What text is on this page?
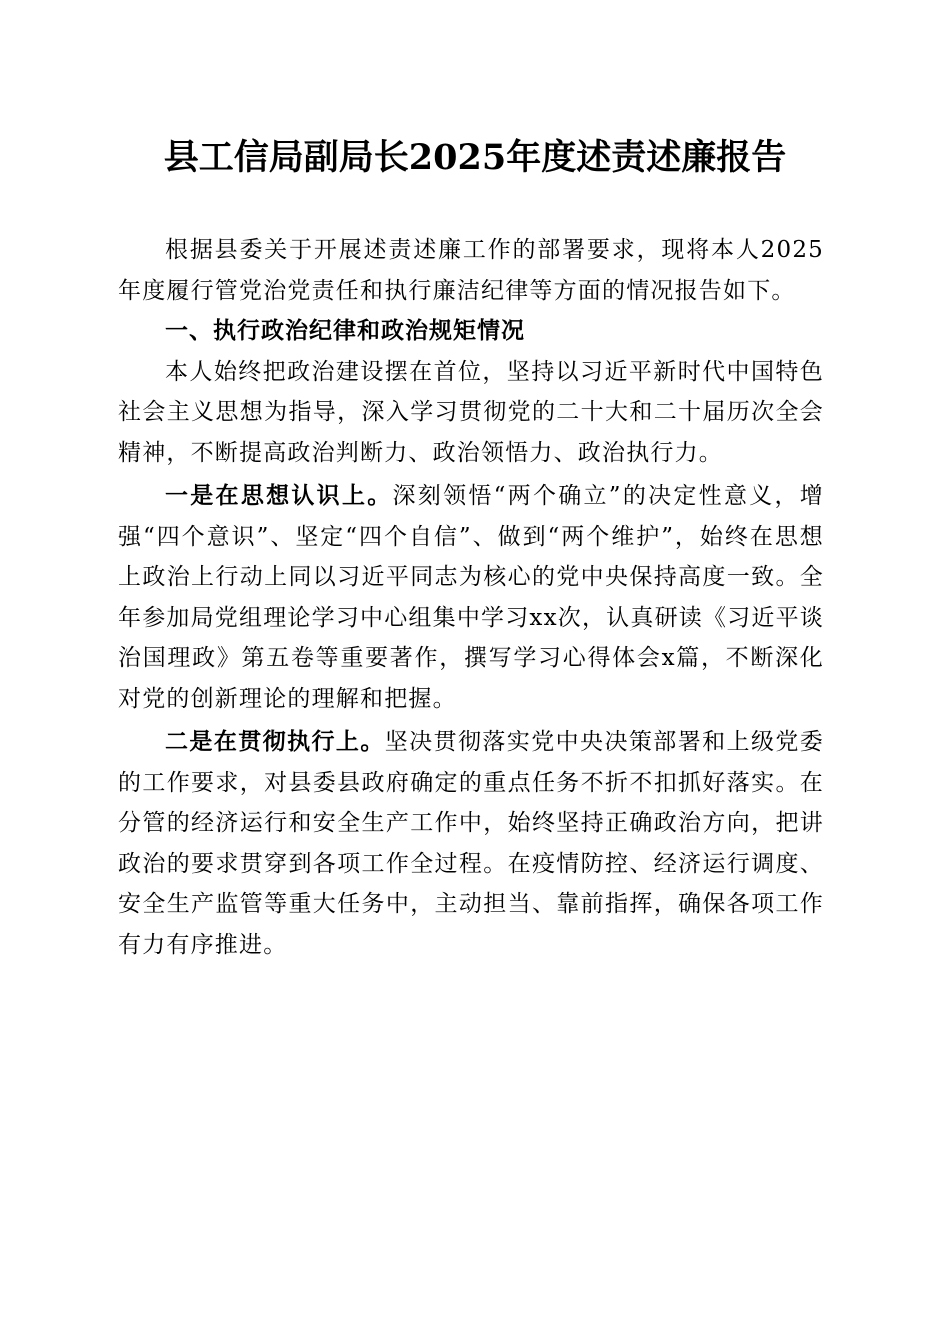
县工信局副局长2025年度述责述廉报告

根据县委关于开展述责述廉工作的部署要求，现将本人2025年度履行管党治党责任和执行廉洁纪律等方面的情况报告如下。

一、执行政治纪律和政治规矩情况

本人始终把政治建设摆在首位，坚持以习近平新时代中国特色社会主义思想为指导，深入学习贯彻党的二十大和二十届历次全会精神，不断提高政治判断力、政治领悟力、政治执行力。

一是在思想认识上。深刻领悟“两个确立”的决定性意义，增强“四个意识”、坚定“四个自信”、做到“两个维护”，始终在思想上政治上行动上同以习近平同志为核心的党中央保持高度一致。全年参加局党组理论学习中心组集中学习xx次，认真研读《习近平谈治国理政》第五卷等重要著作，撰写学习心得体会x篇，不断深化对党的创新理论的理解和把握。

二是在贯彻执行上。坚决贯彻落实党中央决策部署和上级党委的工作要求，对县委县政府确定的重点任务不折不扣抓好落实。在分管的经济运行和安全生产工作中，始终坚持正确政治方向，把讲政治的要求贯穿到各项工作全过程。在疫情防控、经济运行调度、安全生产监管等重大任务中，主动担当、靠前指挥，确保各项工作有力有序推进。
